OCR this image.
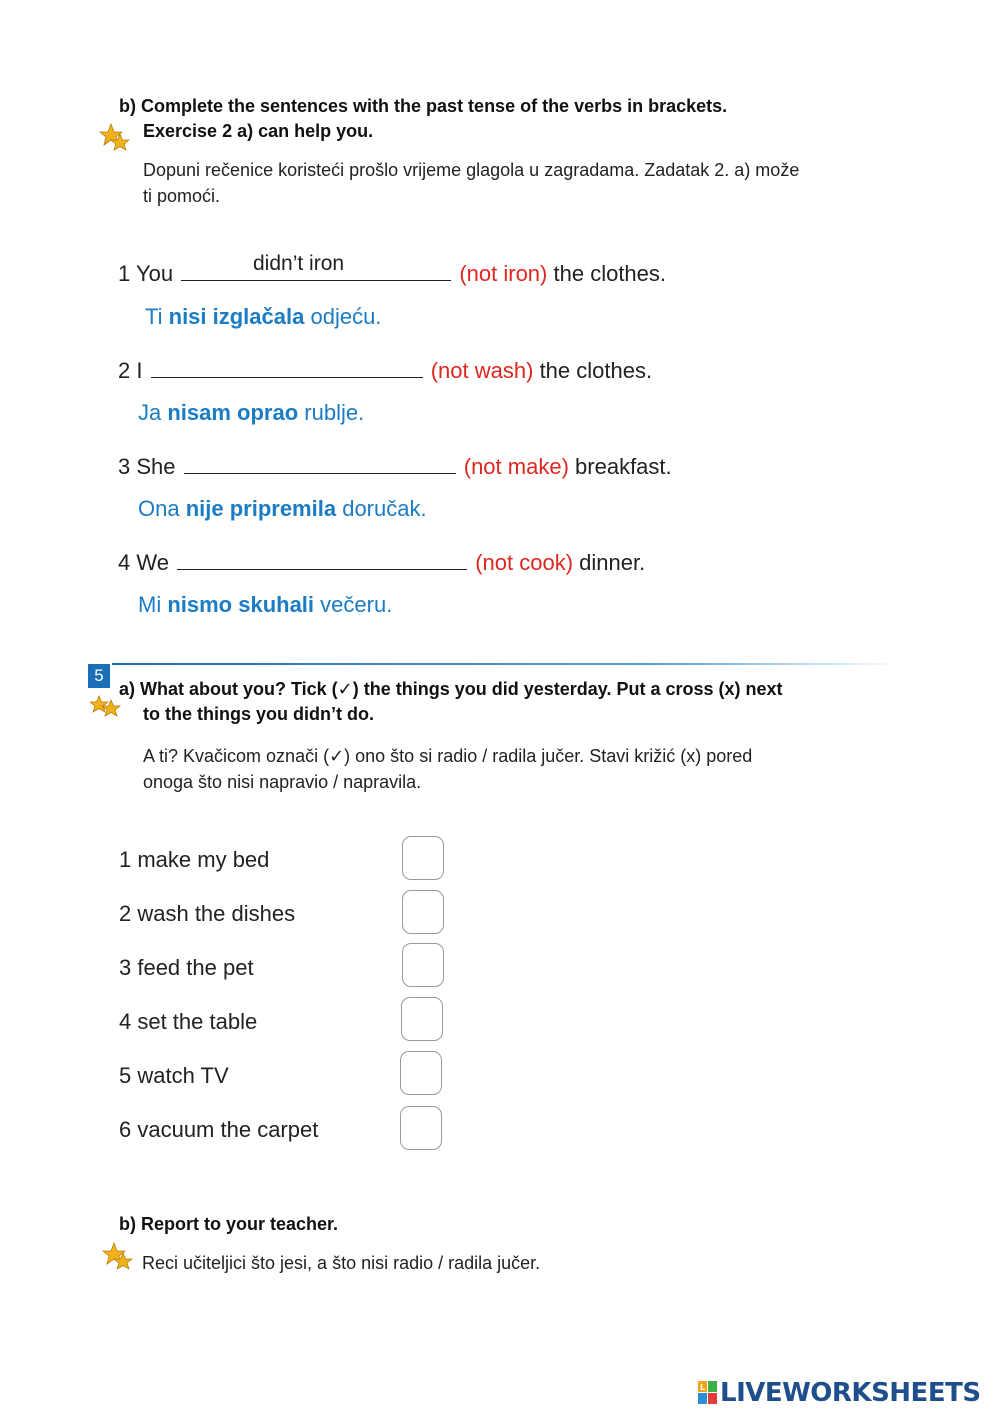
b) Complete the sentences with the past tense of the verbs in brackets.
Exercise 2 a) can help you.
Dopuni rečenice koristeći prošlo vrijeme glagola u zagradama. Zadatak 2. a) može
ti pomoći.
didn’t iron
1 You	(not iron) the clothes.
Ti nisi izglačala odjeću.
2 I	(not wash) the clothes.
Ja nisam oprao rublje.
3 She	(not make) breakfast.
Ona nije pripremila doručak.
4 We	(not cook) dinner.
Mi nismo skuhali večeru.
5
a) What about you? Tick (✓) the things you did yesterday. Put a cross (x) next
to the things you didn’t do.
A ti? Kvačicom označi (✓) ono što si radio / radila jučer. Stavi križić (x) pored
onoga što nisi napravio / napravila.
1 make my bed
2 wash the dishes
3 feed the pet
4 set the table
5 watch TV
6 vacuum the carpet
b) Report to your teacher.
Reci učiteljici što jesi, a što nisi radio / radila jučer.
L LIVEWORKSHEETS
